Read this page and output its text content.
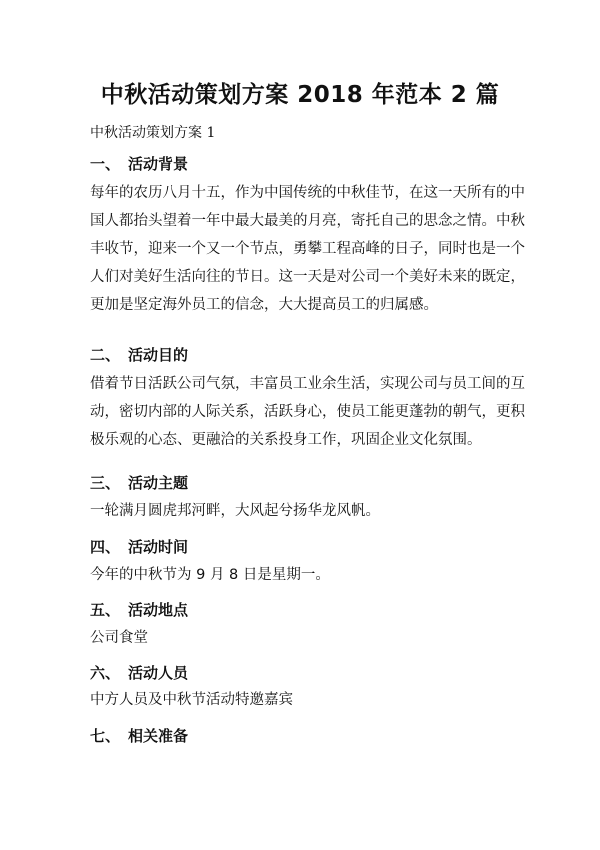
中秋活动策划方案 2018 年范本 2 篇
中秋活动策划方案 1
一、 活动背景
每年的农历八月十五，作为中国传统的中秋佳节，在这一天所有的中
国人都抬头望着一年中最大最美的月亮，寄托自己的思念之情。中秋
丰收节，迎来一个又一个节点，勇攀工程高峰的日子，同时也是一个
人们对美好生活向往的节日。这一天是对公司一个美好未来的既定，
更加是坚定海外员工的信念，大大提高员工的归属感。
二、 活动目的
借着节日活跃公司气氛，丰富员工业余生活，实现公司与员工间的互
动，密切内部的人际关系，活跃身心，使员工能更蓬勃的朝气，更积
极乐观的心态、更融洽的关系投身工作，巩固企业文化氛围。
三、 活动主题
一轮满月圆虎邦河畔，大风起兮扬华龙风帆。
四、 活动时间
今年的中秋节为 9 月 8 日是星期一。
五、 活动地点
公司食堂
六、 活动人员
中方人员及中秋节活动特邀嘉宾
七、 相关准备
